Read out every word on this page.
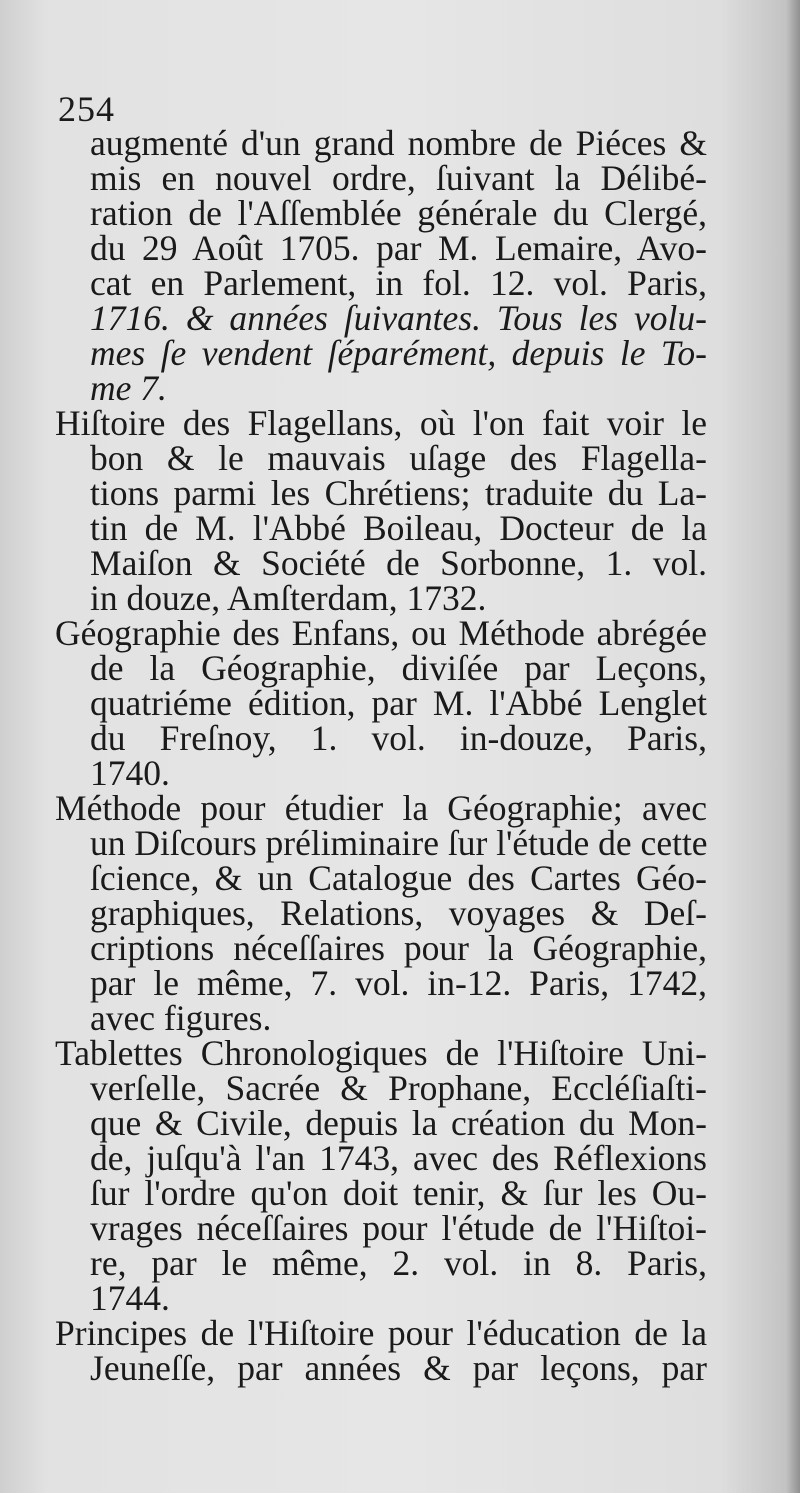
254
augmenté d'un grand nombre de Piéces &
mis en nouvel ordre, ſuivant la Délibé-
ration de l'Aſſemblée générale du Clergé,
du 29 Août 1705. par M. Lemaire, Avo-
cat en Parlement, in fol. 12. vol. Paris,
1716. & années ſuivantes. Tous les volu-
mes ſe vendent ſéparément, depuis le To-
me 7.
Hiſtoire des Flagellans, où l'on fait voir le
bon & le mauvais uſage des Flagella-
tions parmi les Chrétiens; traduite du La-
tin de M. l'Abbé Boileau, Docteur de la
Maiſon & Société de Sorbonne, 1. vol.
in douze, Amſterdam, 1732.
Géographie des Enfans, ou Méthode abrégée
de la Géographie, diviſée par Leçons,
quatriéme édition, par M. l'Abbé Lenglet
du Freſnoy, 1. vol. in-douze, Paris,
1740.
Méthode pour étudier la Géographie; avec
un Diſcours préliminaire ſur l'étude de cette
ſcience, & un Catalogue des Cartes Géo-
graphiques, Relations, voyages & Deſ-
criptions néceſſaires pour la Géographie,
par le même, 7. vol. in-12. Paris, 1742,
avec figures.
Tablettes Chronologiques de l'Hiſtoire Uni-
verſelle, Sacrée & Prophane, Eccléſiaſti-
que & Civile, depuis la création du Mon-
de, juſqu'à l'an 1743, avec des Réflexions
ſur l'ordre qu'on doit tenir, & ſur les Ou-
vrages néceſſaires pour l'étude de l'Hiſtoi-
re, par le même, 2. vol. in 8. Paris,
1744.
Principes de l'Hiſtoire pour l'éducation de la
Jeuneſſe, par années & par leçons, par
